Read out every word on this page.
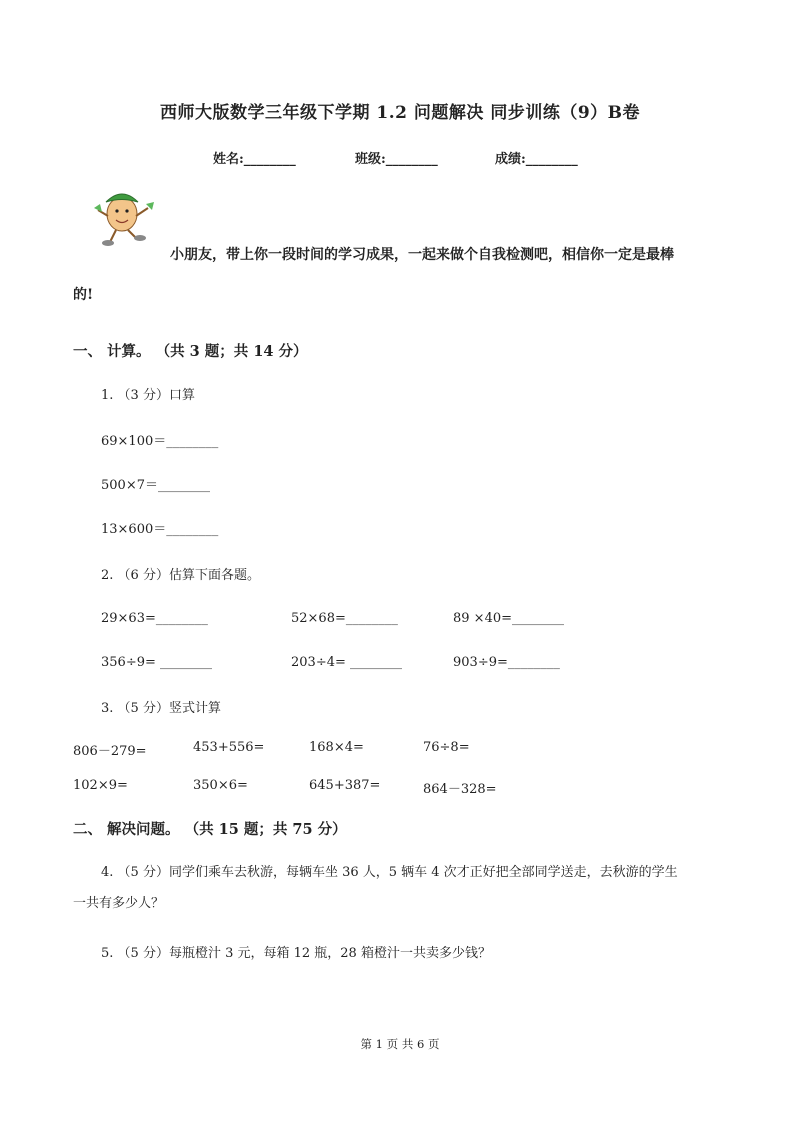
西师大版数学三年级下学期 1.2 问题解决 同步训练（9）B卷
姓名:________	班级:________	成绩:________
小朋友，带上你一段时间的学习成果，一起来做个自我检测吧，相信你一定是最棒
的!
一、 计算。 （共 3 题；共 14 分）
1. （3 分）口算
69×100＝________
500×7＝________
13×600＝________
2. （6 分）估算下面各题。
29×63=________	52×68=________	89 ×40=________
356÷9= ________	203÷4= ________	903÷9=________
3. （5 分）竖式计算
806－279=	453+556=	168×4=	76÷8=
102×9=	350×6=	645+387=	864－328=
二、 解决问题。 （共 15 题；共 75 分）
4. （5 分）同学们乘车去秋游，每辆车坐 36 人，5 辆车 4 次才正好把全部同学送走，去秋游的学生
一共有多少人？
5. （5 分）每瓶橙汁 3 元，每箱 12 瓶，28 箱橙汁一共卖多少钱？
第 1 页 共 6 页
